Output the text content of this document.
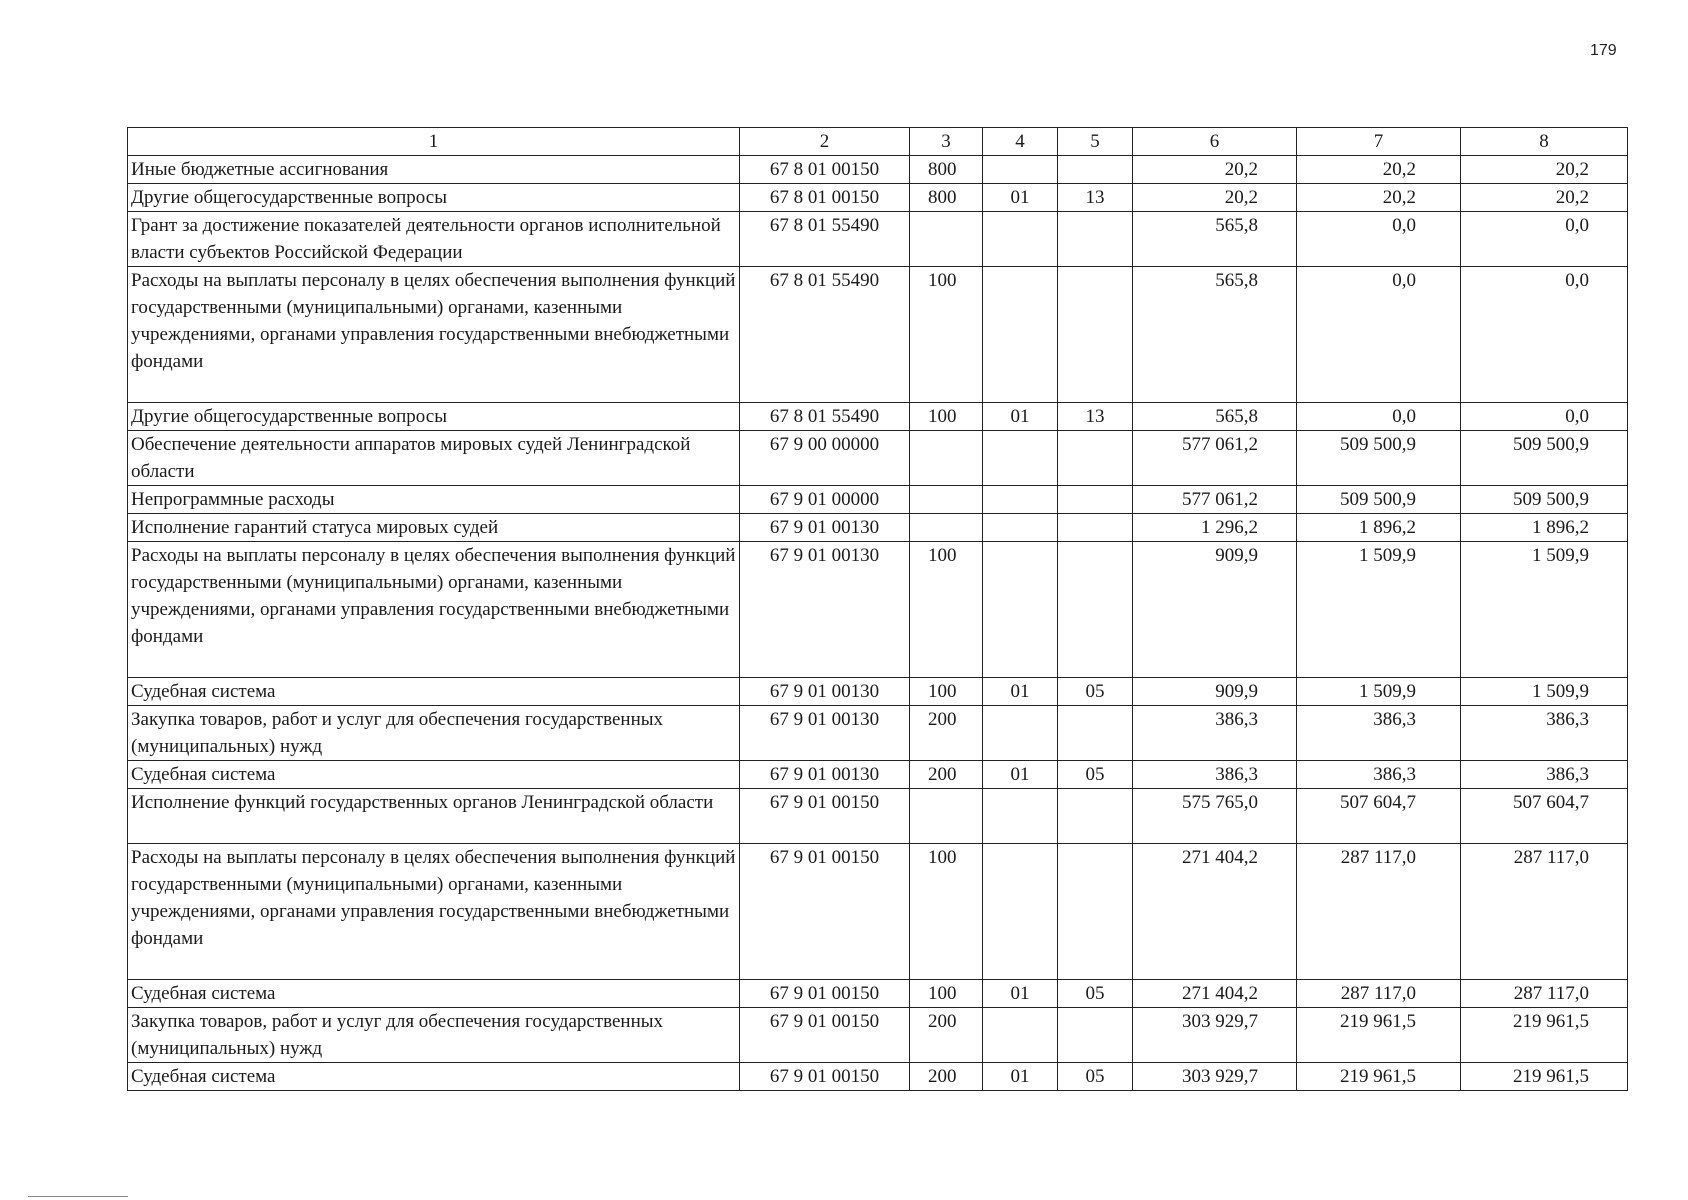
179
1	2	3	4	5	6	7	8
Иные бюджетные ассигнования	67 8 01 00150	800			20,2	20,2	20,2
Другие общегосударственные вопросы	67 8 01 00150	800	01	13	20,2	20,2	20,2
Грант за достижение показателей деятельности органов исполнительной власти субъектов Российской Федерации	67 8 01 55490				565,8	0,0	0,0
Расходы на выплаты персоналу в целях обеспечения выполнения функций государственными (муниципальными) органами, казенными учреждениями, органами управления государственными внебюджетными фондами	67 8 01 55490	100			565,8	0,0	0,0
Другие общегосударственные вопросы	67 8 01 55490	100	01	13	565,8	0,0	0,0
Обеспечение деятельности аппаратов мировых судей Ленинградской области	67 9 00 00000				577 061,2	509 500,9	509 500,9
Непрограммные расходы	67 9 01 00000				577 061,2	509 500,9	509 500,9
Исполнение гарантий статуса мировых судей	67 9 01 00130				1 296,2	1 896,2	1 896,2
Расходы на выплаты персоналу в целях обеспечения выполнения функций государственными (муниципальными) органами, казенными учреждениями, органами управления государственными внебюджетными фондами	67 9 01 00130	100			909,9	1 509,9	1 509,9
Судебная система	67 9 01 00130	100	01	05	909,9	1 509,9	1 509,9
Закупка товаров, работ и услуг для обеспечения государственных (муниципальных) нужд	67 9 01 00130	200			386,3	386,3	386,3
Судебная система	67 9 01 00130	200	01	05	386,3	386,3	386,3
Исполнение функций государственных органов Ленинградской области	67 9 01 00150				575 765,0	507 604,7	507 604,7
Расходы на выплаты персоналу в целях обеспечения выполнения функций государственными (муниципальными) органами, казенными учреждениями, органами управления государственными внебюджетными фондами	67 9 01 00150	100			271 404,2	287 117,0	287 117,0
Судебная система	67 9 01 00150	100	01	05	271 404,2	287 117,0	287 117,0
Закупка товаров, работ и услуг для обеспечения государственных (муниципальных) нужд	67 9 01 00150	200			303 929,7	219 961,5	219 961,5
Судебная система	67 9 01 00150	200	01	05	303 929,7	219 961,5	219 961,5
